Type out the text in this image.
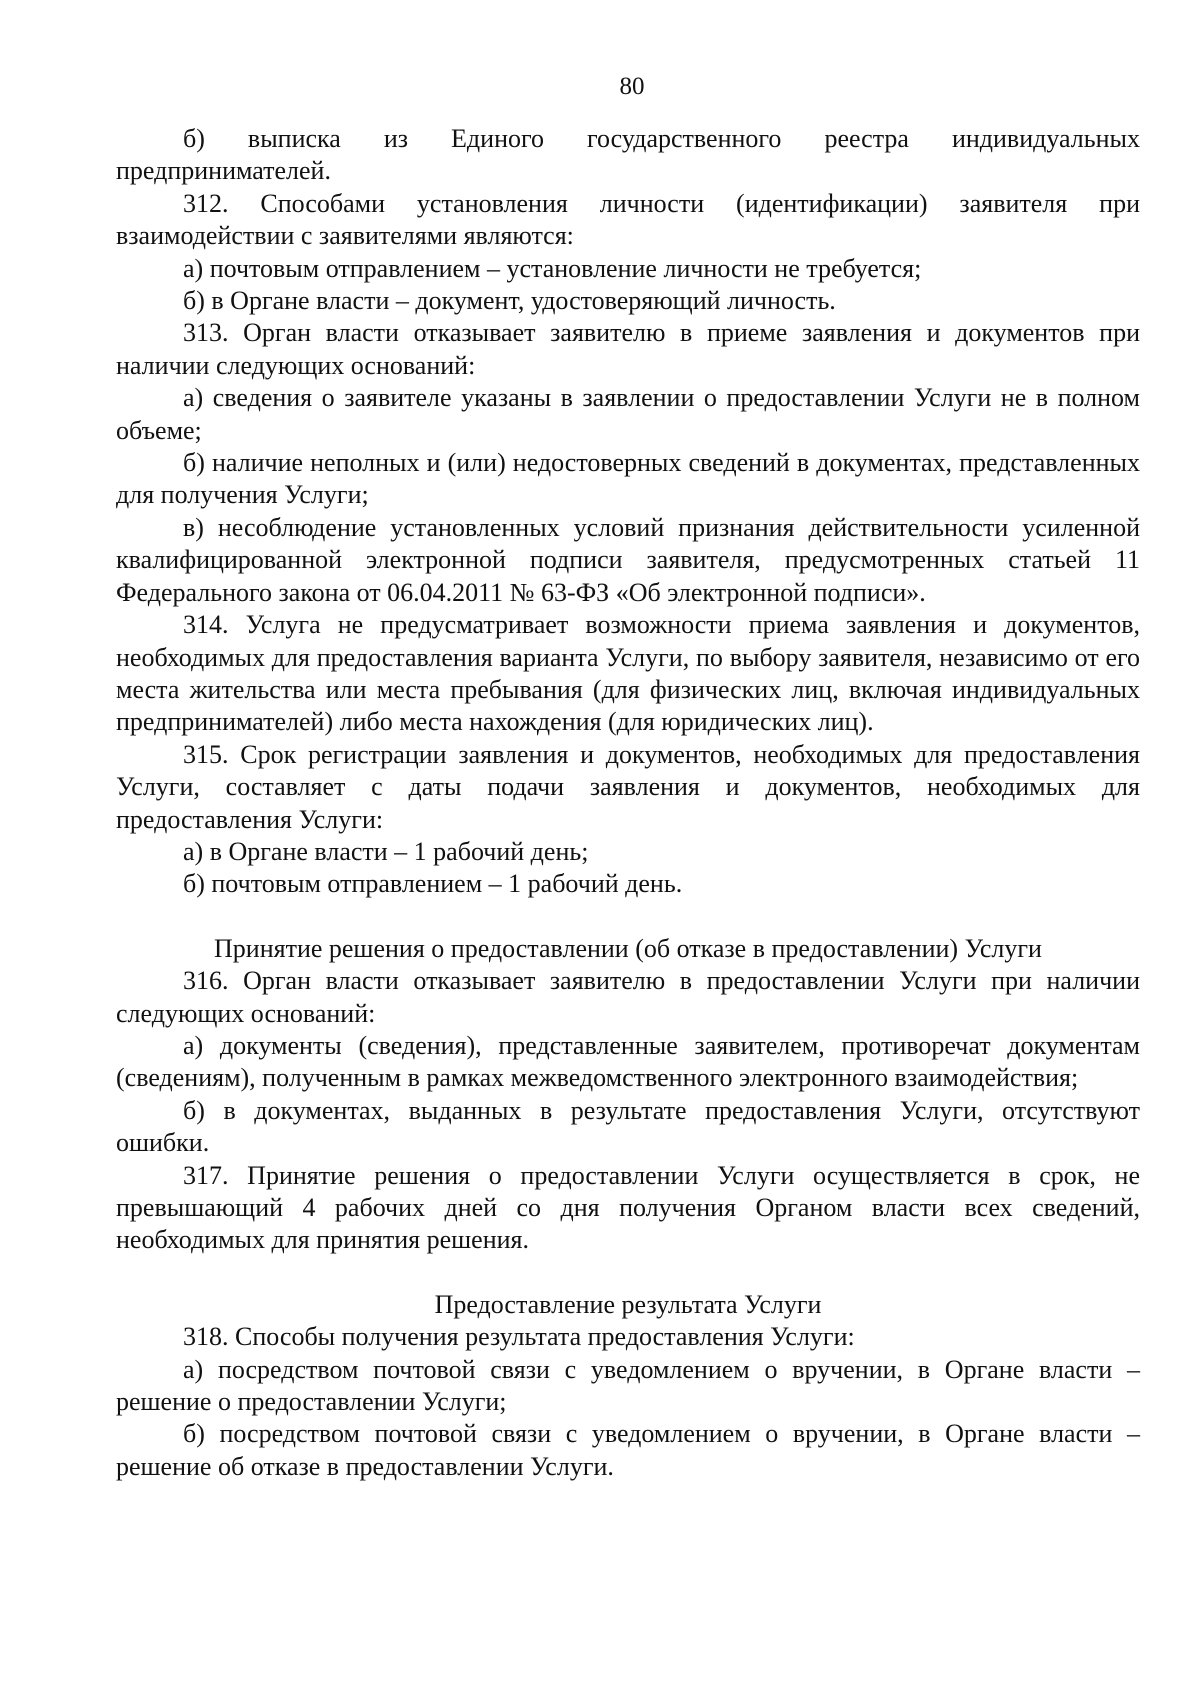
80

б) выписка из Единого государственного реестра индивидуальных предпринимателей.

312. Способами установления личности (идентификации) заявителя при взаимодействии с заявителями являются:

а) почтовым отправлением – установление личности не требуется;

б) в Органе власти – документ, удостоверяющий личность.

313. Орган власти отказывает заявителю в приеме заявления и документов при наличии следующих оснований:

а) сведения о заявителе указаны в заявлении о предоставлении Услуги не в полном объеме;

б) наличие неполных и (или) недостоверных сведений в документах, представленных для получения Услуги;

в) несоблюдение установленных условий признания действительности усиленной квалифицированной электронной подписи заявителя, предусмотренных статьей 11 Федерального закона от 06.04.2011 № 63-ФЗ «Об электронной подписи».

314. Услуга не предусматривает возможности приема заявления и документов, необходимых для предоставления варианта Услуги, по выбору заявителя, независимо от его места жительства или места пребывания (для физических лиц, включая индивидуальных предпринимателей) либо места нахождения (для юридических лиц).

315. Срок регистрации заявления и документов, необходимых для предоставления Услуги, составляет с даты подачи заявления и документов, необходимых для предоставления Услуги:

а) в Органе власти – 1 рабочий день;

б) почтовым отправлением – 1 рабочий день.

Принятие решения о предоставлении (об отказе в предоставлении) Услуги

316. Орган власти отказывает заявителю в предоставлении Услуги при наличии следующих оснований:

а) документы (сведения), представленные заявителем, противоречат документам (сведениям), полученным в рамках межведомственного электронного взаимодействия;

б) в документах, выданных в результате предоставления Услуги, отсутствуют ошибки.

317. Принятие решения о предоставлении Услуги осуществляется в срок, не превышающий 4 рабочих дней со дня получения Органом власти всех сведений, необходимых для принятия решения.

Предоставление результата Услуги

318. Способы получения результата предоставления Услуги:

а) посредством почтовой связи с уведомлением о вручении, в Органе власти – решение о предоставлении Услуги;

б) посредством почтовой связи с уведомлением о вручении, в Органе власти – решение об отказе в предоставлении Услуги.
